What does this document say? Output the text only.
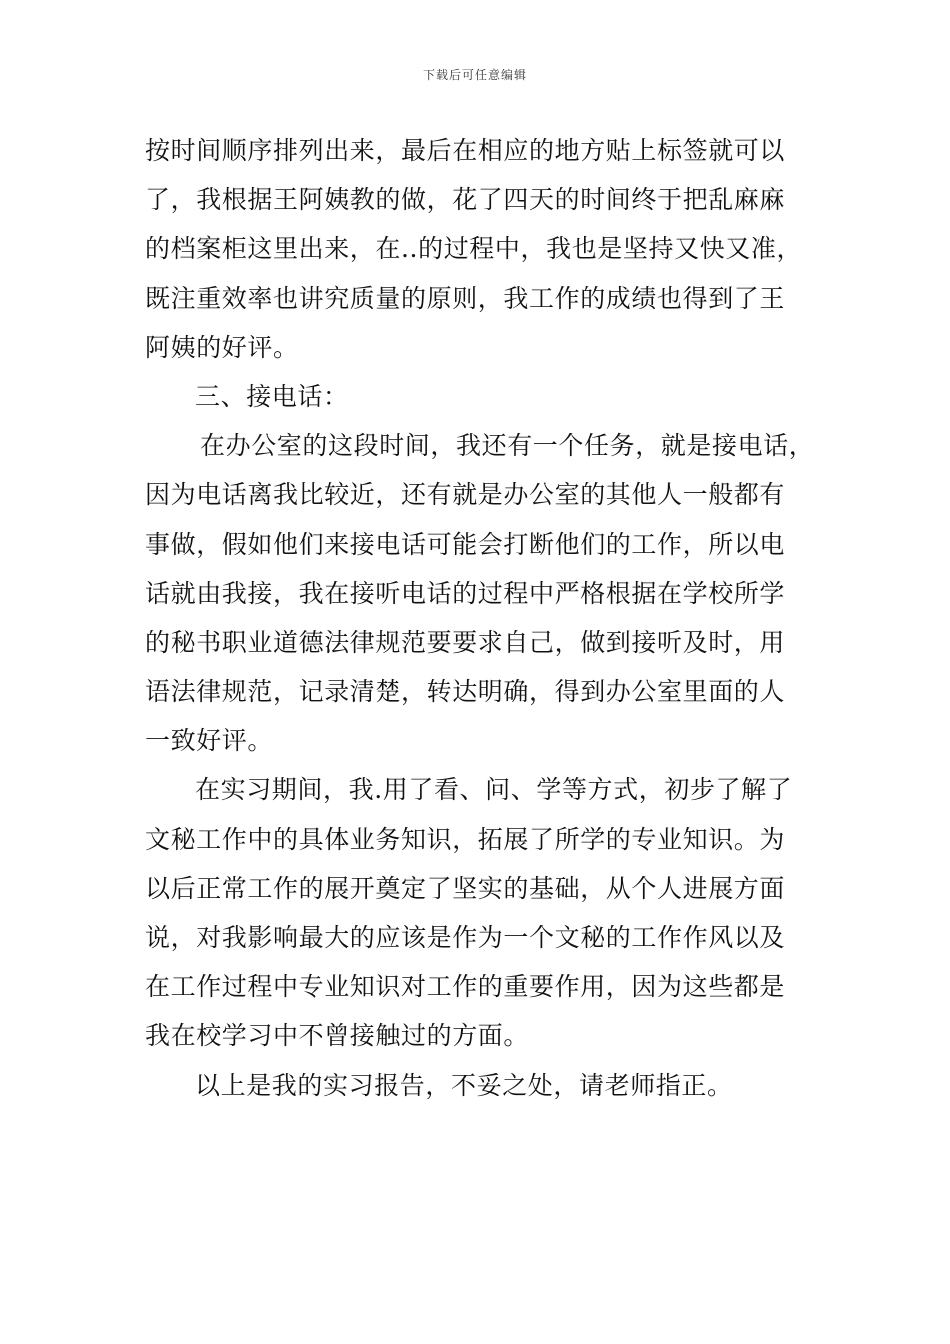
下载后可任意编辑
按时间顺序排列出来，最后在相应的地方贴上标签就可以
了，我根据王阿姨教的做，花了四天的时间终于把乱麻麻
的档案柜这里出来，在..的过程中，我也是坚持又快又准，
既注重效率也讲究质量的原则，我工作的成绩也得到了王
阿姨的好评。
三、接电话：
在办公室的这段时间，我还有一个任务，就是接电话，
因为电话离我比较近，还有就是办公室的其他人一般都有
事做，假如他们来接电话可能会打断他们的工作，所以电
话就由我接，我在接听电话的过程中严格根据在学校所学
的秘书职业道德法律规范要要求自己，做到接听及时，用
语法律规范，记录清楚，转达明确，得到办公室里面的人
一致好评。
在实习期间，我.用了看、问、学等方式，初步了解了
文秘工作中的具体业务知识，拓展了所学的专业知识。为
以后正常工作的展开奠定了坚实的基础，从个人进展方面
说，对我影响最大的应该是作为一个文秘的工作作风以及
在工作过程中专业知识对工作的重要作用，因为这些都是
我在校学习中不曾接触过的方面。
以上是我的实习报告，不妥之处，请老师指正。
